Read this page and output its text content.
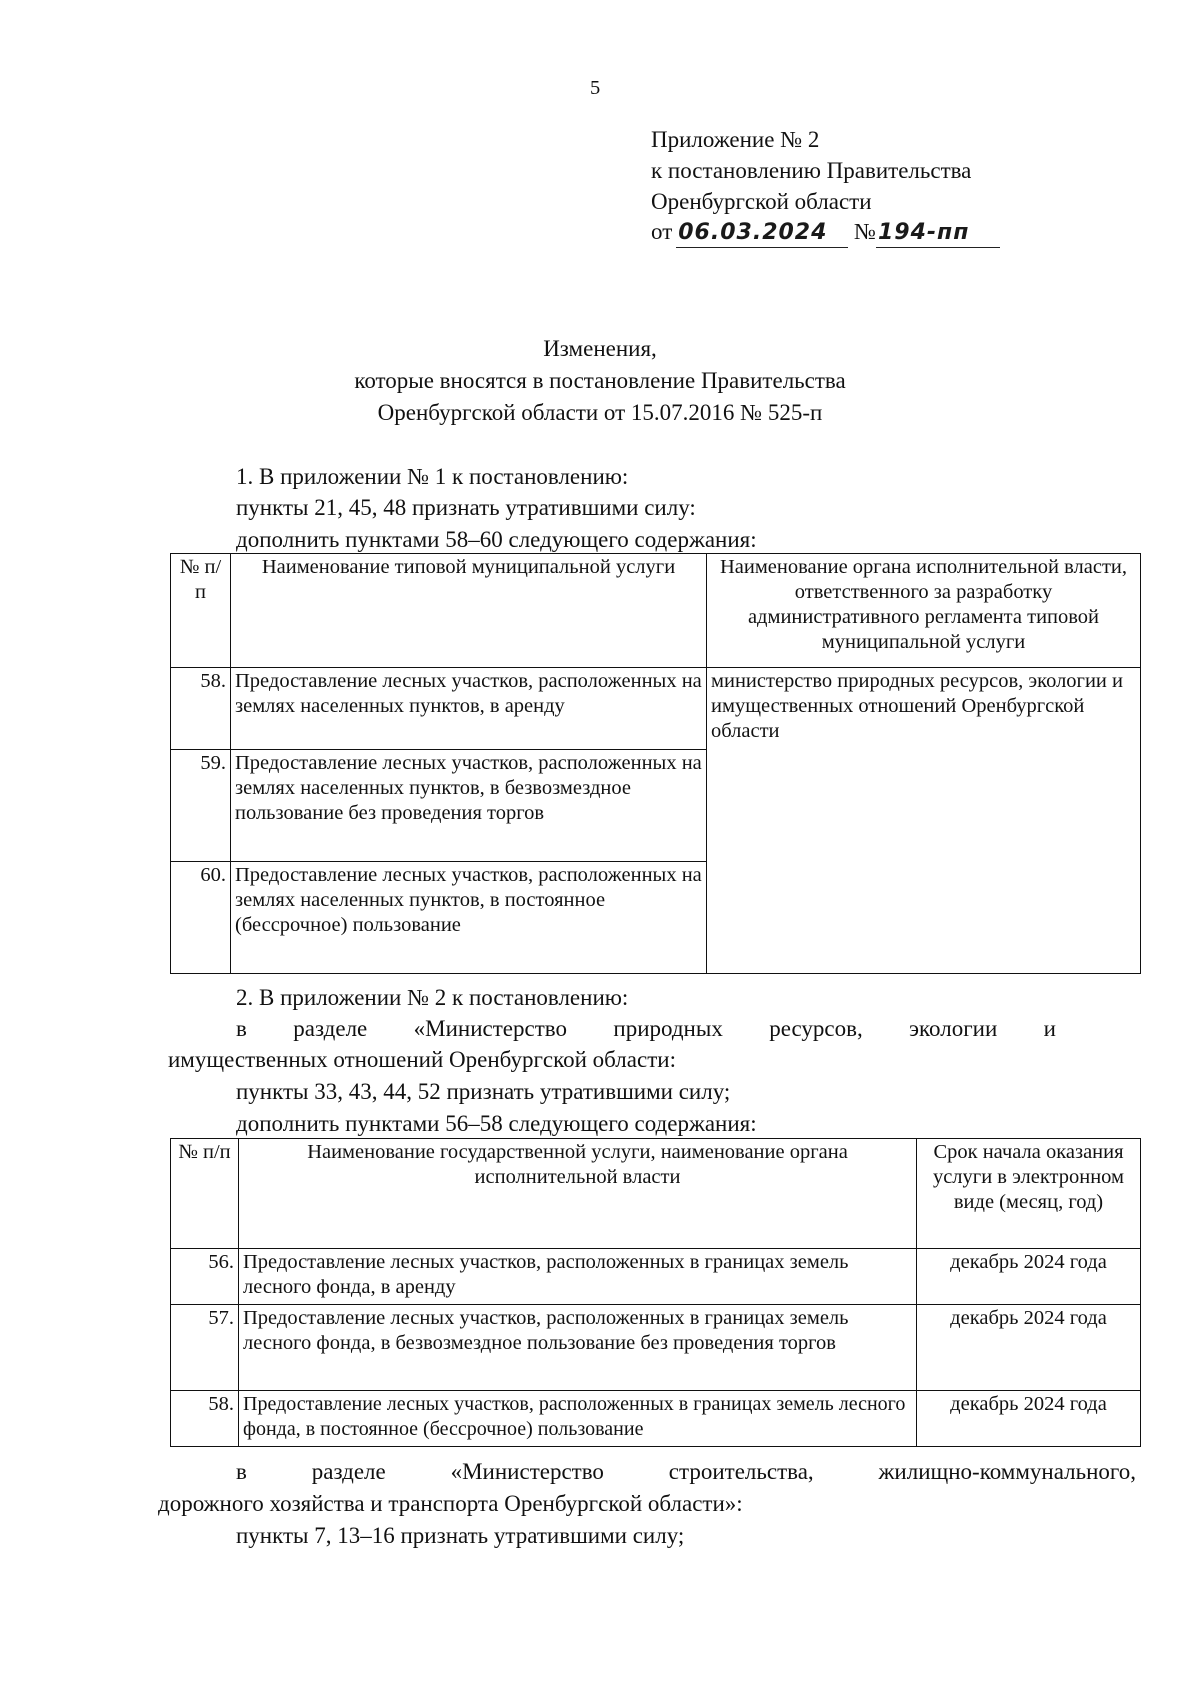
5
Приложение № 2
к постановлению Правительства
Оренбургской области
от 06.03.2024 №194-пп
Изменения,
которые вносятся в постановление Правительства
Оренбургской области от 15.07.2016 № 525-п
1. В приложении № 1 к постановлению:
пункты 21, 45, 48 признать утратившими силу:
дополнить пунктами 58–60 следующего содержания:
№ п/п	Наименование типовой муниципальной услуги	Наименование органа исполнительной власти, ответственного за разработку административного регламента типовой муниципальной услуги
58.	Предоставление лесных участков, расположенных на землях населенных пунктов, в аренду	министерство природных ресурсов, экологии и имущественных отношений Оренбургской области
59.	Предоставление лесных участков, расположенных на землях населенных пунктов, в безвозмездное пользование без проведения торгов	
60.	Предоставление лесных участков, расположенных на землях населенных пунктов, в постоянное (бессрочное) пользование	
2. В приложении № 2 к постановлению:
в разделе «Министерство природных ресурсов, экологии и
имущественных отношений Оренбургской области:
пункты 33, 43, 44, 52 признать утратившими силу;
дополнить пунктами 56–58 следующего содержания:
№ п/п	Наименование государственной услуги, наименование органа исполнительной власти	Срок начала оказания услуги в электронном виде (месяц, год)
56.	Предоставление лесных участков, расположенных в границах земель лесного фонда, в аренду	декабрь 2024 года
57.	Предоставление лесных участков, расположенных в границах земель лесного фонда, в безвозмездное пользование без проведения торгов	декабрь 2024 года
58.	Предоставление лесных участков, расположенных в границах земель лесного фонда, в постоянное (бессрочное) пользование	декабрь 2024 года
в разделе «Министерство строительства, жилищно-коммунального,
дорожного хозяйства и транспорта Оренбургской области»:
пункты 7, 13–16 признать утратившими силу;
